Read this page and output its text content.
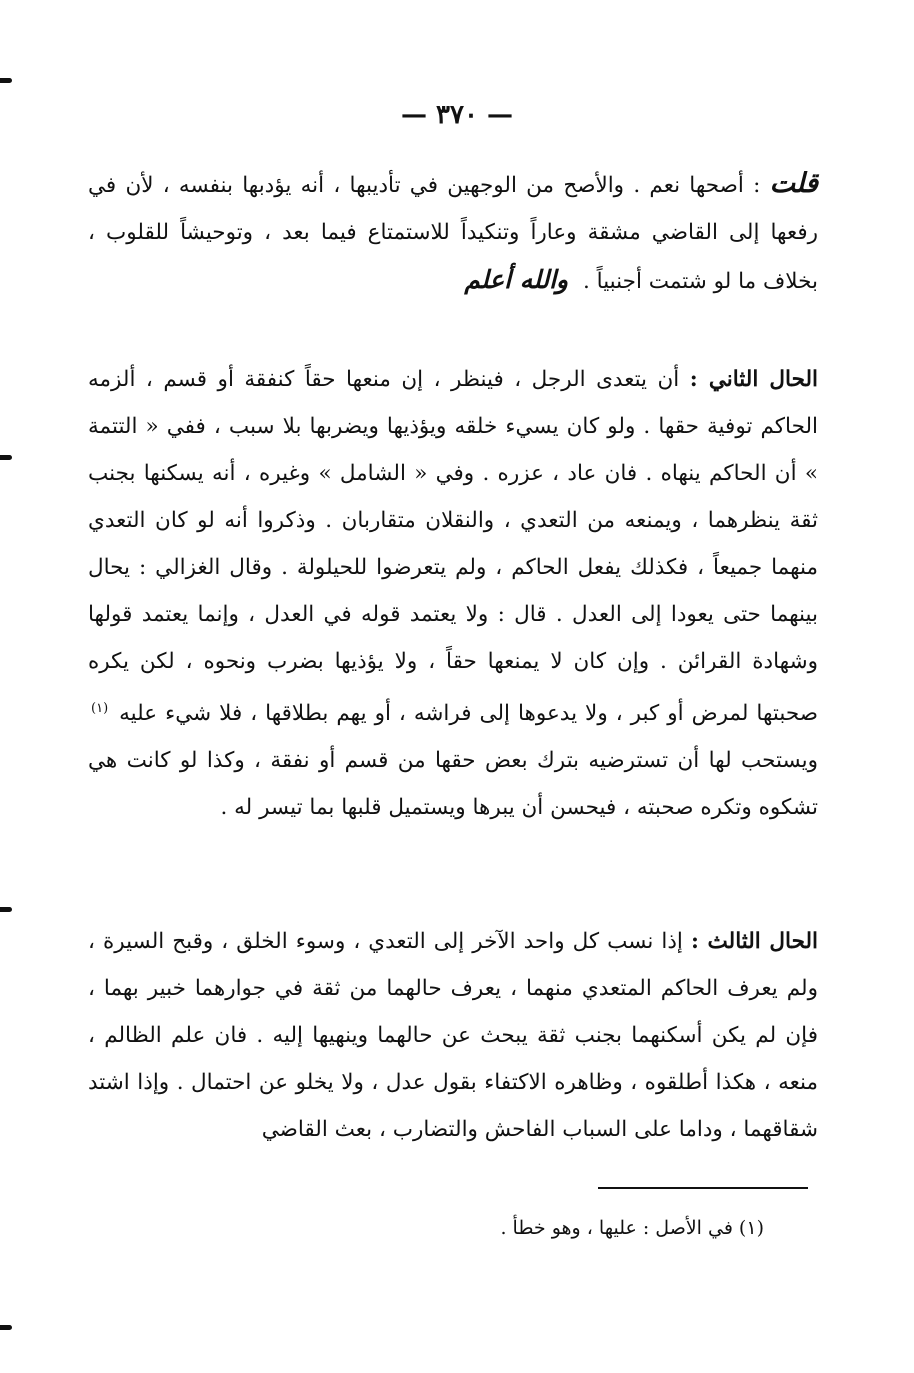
— ٣٧٠ —
قلت : أصحها نعم . والأصح من الوجهين في تأديبها ، أنه يؤدبها بنفسه ، لأن في رفعها إلى القاضي مشقة وعاراً وتنكيداً للاستمتاع فيما بعد ، وتوحيشاً للقلوب ، بخلاف ما لو شتمت أجنبياً . والله أعلم
الحال الثاني : أن يتعدى الرجل ، فينظر ، إن منعها حقاً كنفقة أو قسم ، ألزمه الحاكم توفية حقها . ولو كان يسيء خلقه ويؤذيها ويضربها بلا سبب ، ففي « التتمة » أن الحاكم ينهاه . فان عاد ، عزره . وفي « الشامل » وغيره ، أنه يسكنها بجنب ثقة ينظرهما ، ويمنعه من التعدي ، والنقلان متقاربان . وذكروا أنه لو كان التعدي منهما جميعاً ، فكذلك يفعل الحاكم ، ولم يتعرضوا للحيلولة . وقال الغزالي : يحال بينهما حتى يعودا إلى العدل . قال : ولا يعتمد قوله في العدل ، وإنما يعتمد قولها وشهادة القرائن . وإن كان لا يمنعها حقاً ، ولا يؤذيها بضرب ونحوه ، لكن يكره صحبتها لمرض أو كبر ، ولا يدعوها إلى فراشه ، أو يهم بطلاقها ، فلا شيء عليه $^{(١)}$ ويستحب لها أن تسترضيه بترك بعض حقها من قسم أو نفقة ، وكذا لو كانت هي تشكوه وتكره صحبته ، فيحسن أن يبرها ويستميل قلبها بما تيسر له .
الحال الثالث : إذا نسب كل واحد الآخر إلى التعدي ، وسوء الخلق ، وقبح السيرة ، ولم يعرف الحاكم المتعدي منهما ، يعرف حالهما من ثقة في جوارهما خبير بهما ، فإن لم يكن أسكنهما بجنب ثقة يبحث عن حالهما وينهيها إليه . فان علم الظالم ، منعه ، هكذا أطلقوه ، وظاهره الاكتفاء بقول عدل ، ولا يخلو عن احتمال . وإذا اشتد شقاقهما ، وداما على السباب الفاحش والتضارب ، بعث القاضي
(١) في الأصل : عليها ، وهو خطأ .
